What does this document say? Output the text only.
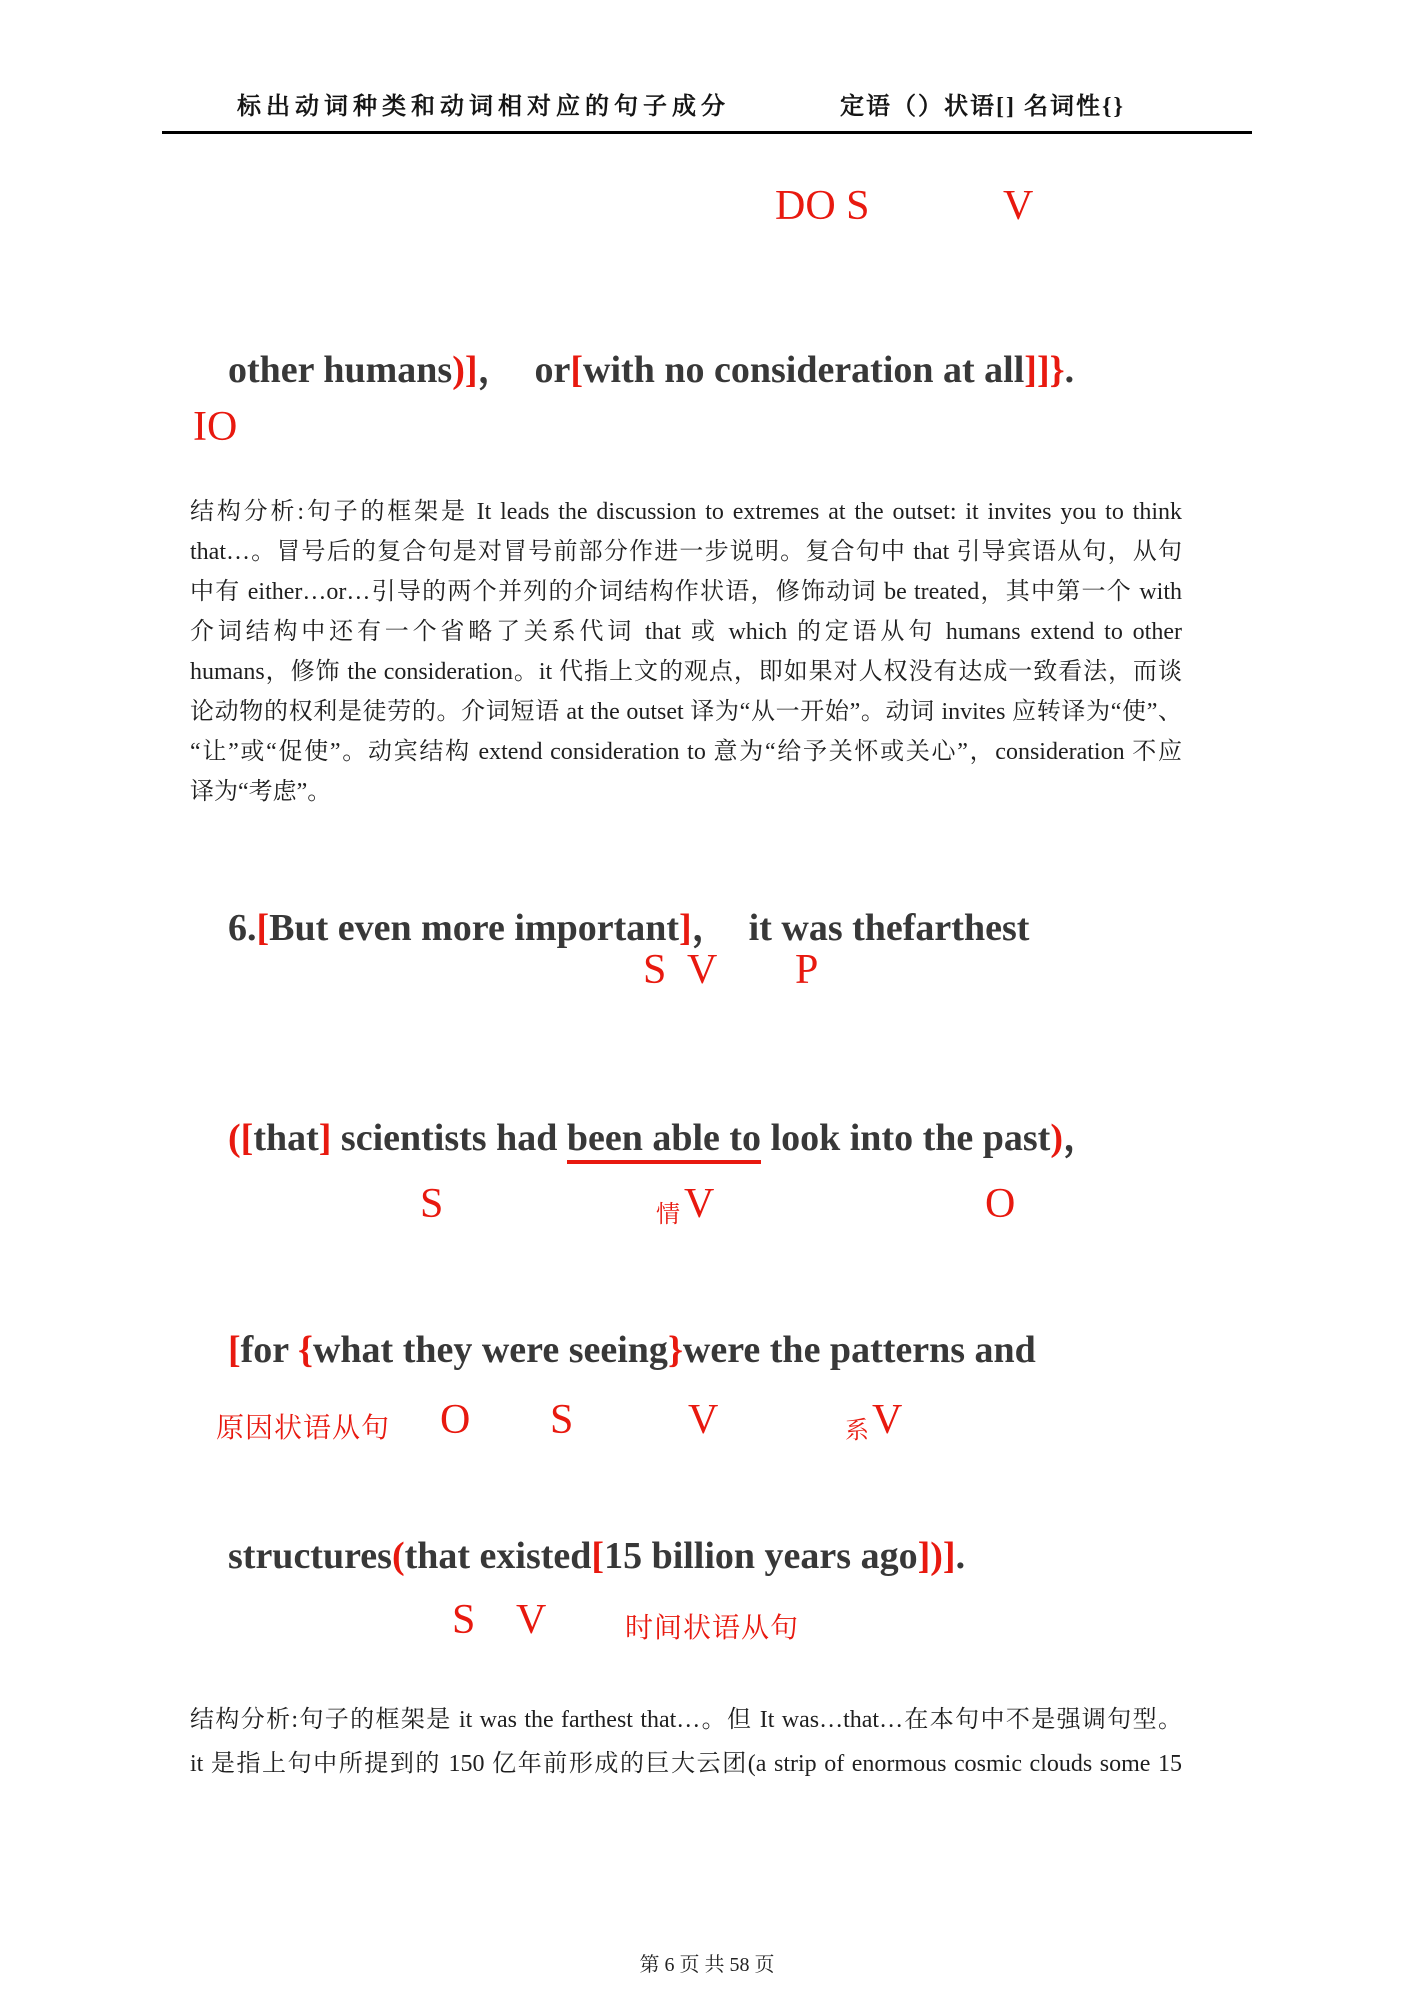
标出动词种类和动词相对应的句子成分	定语（）状语[] 名词性{}
DO S	V

other humans)]，  or[with no consideration at all]]}.

IO
结构分析:句子的框架是 It leads the discussion to extremes at the outset: it invites you to think
that…。冒号后的复合句是对冒号前部分作进一步说明。复合句中 that 引导宾语从句，从句
中有 either…or…引导的两个并列的介词结构作状语，修饰动词 be treated，其中第一个 with
介词结构中还有一个省略了关系代词 that 或 which 的定语从句 humans extend to other
humans，修饰 the consideration。it 代指上文的观点，即如果对人权没有达成一致看法，而谈
论动物的权利是徒劳的。介词短语 at the outset 译为“从一开始”。动词 invites 应转译为“使”、
“让”或“促使”。动宾结构 extend consideration to 意为“给予关怀或关心”，consideration 不应
译为“考虑”。

6.[But even more important]，  it was thefarthest

S V P

([that] scientists had been able to look into the past)，

S	情 V	O

[for {what they were seeing}were the patterns and

原因状语从句 O S	V	系 V

structures(that existed[15 billion years ago])].

S V	时间状语从句
结构分析:句子的框架是 it was the farthest that…。但 It was…that…在本句中不是强调句型。
it 是指上句中所提到的 150 亿年前形成的巨大云团(a strip of enormous cosmic clouds some 15
第 6 页 共 58 页
